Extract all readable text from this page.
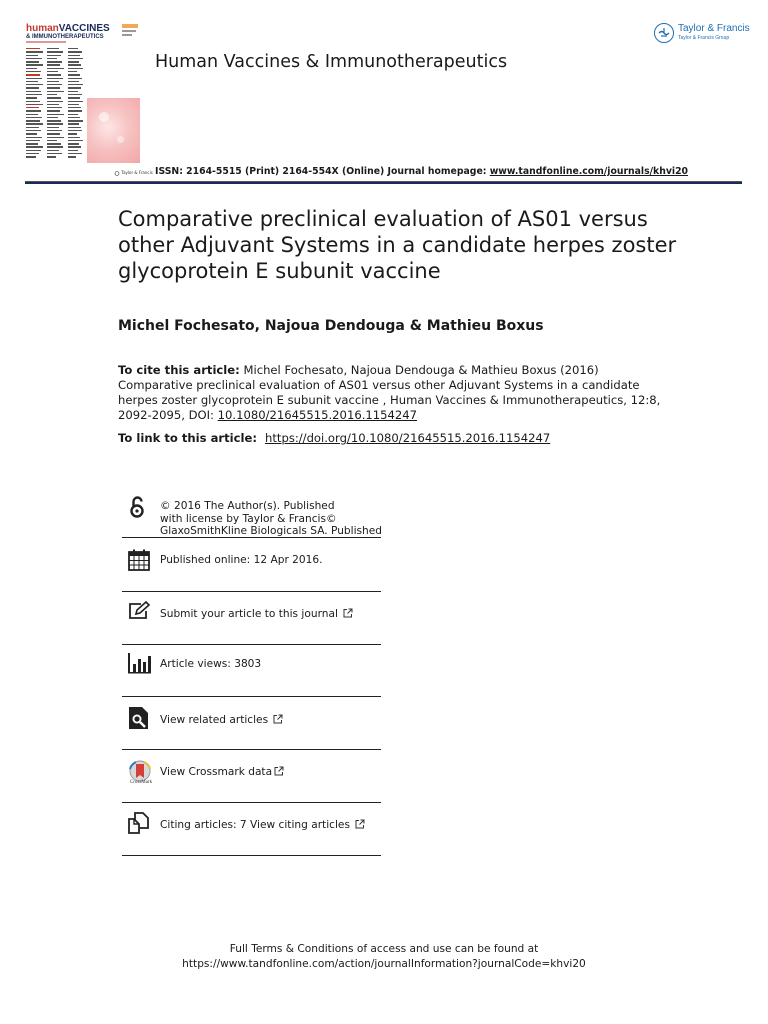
humanVACCINES
& IMMUNOTHERAPEUTICS
Taylor & Francis
Human Vaccines & Immunotherapeutics
ISSN: 2164-5515 (Print) 2164-554X (Online) Journal homepage: www.tandfonline.com/journals/khvi20
Taylor & Francis
Taylor & Francis Group
Comparative preclinical evaluation of AS01 versus other Adjuvant Systems in a candidate herpes zoster glycoprotein E subunit vaccine
Michel Fochesato, Najoua Dendouga & Mathieu Boxus
To cite this article: Michel Fochesato, Najoua Dendouga & Mathieu Boxus (2016) Comparative preclinical evaluation of AS01 versus other Adjuvant Systems in a candidate herpes zoster glycoprotein E subunit vaccine , Human Vaccines & Immunotherapeutics, 12:8, 2092-2095, DOI: 10.1080/21645515.2016.1154247
To link to this article: https://doi.org/10.1080/21645515.2016.1154247
© 2016 The Author(s). Published
with license by Taylor & Francis©
GlaxoSmithKline Biologicals SA. Published
Published online: 12 Apr 2016.
Submit your article to this journal
Article views: 3803
View related articles
CrossMark
View Crossmark data
Citing articles: 7 View citing articles
Full Terms & Conditions of access and use can be found at
https://www.tandfonline.com/action/journalInformation?journalCode=khvi20
